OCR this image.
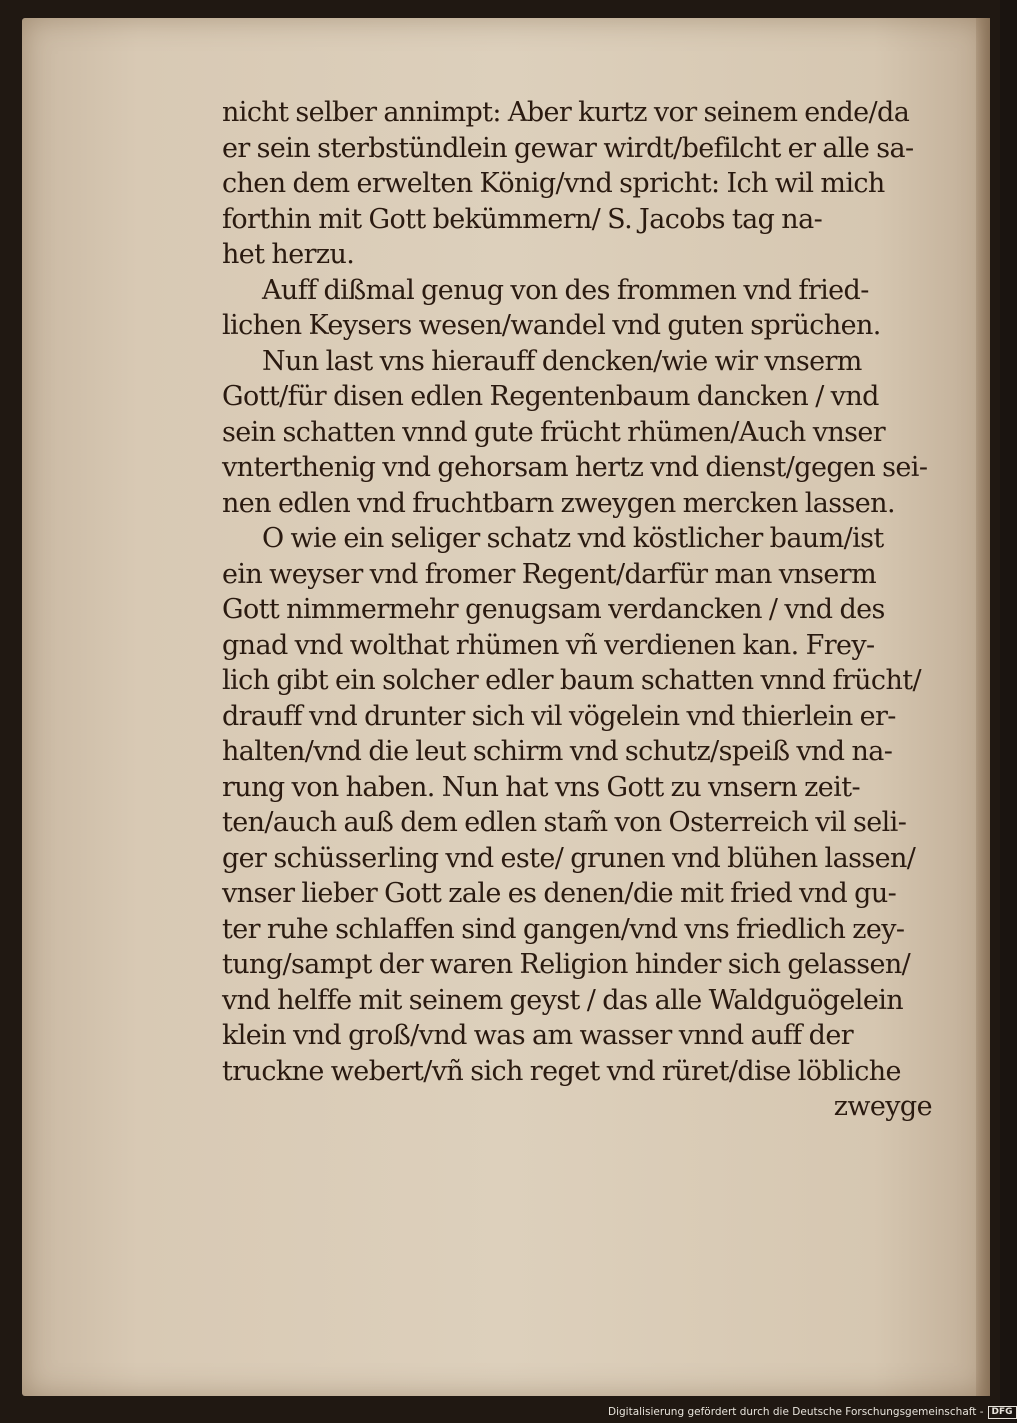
nicht selber annimpt: Aber kurtz vor seinem ende/da
er sein sterbstündlein gewar wirdt/befilcht er alle sa-
chen dem erwelten König/vnd spricht: Ich wil mich
forthin mit Gott bekümmern/ S. Jacobs tag na-
het herzu.
Auff dißmal genug von des frommen vnd fried-
lichen Keysers wesen/wandel vnd guten sprüchen.
Nun last vns hierauff dencken/wie wir vnserm
Gott/für disen edlen Regentenbaum dancken / vnd
sein schatten vnnd gute frücht rhümen/Auch vnser
vnterthenig vnd gehorsam hertz vnd dienst/gegen sei-
nen edlen vnd fruchtbarn zweygen mercken lassen.
O wie ein seliger schatz vnd köstlicher baum/ist
ein weyser vnd fromer Regent/darfür man vnserm
Gott nimmermehr genugsam verdancken / vnd des
gnad vnd wolthat rhümen vñ verdienen kan. Frey-
lich gibt ein solcher edler baum schatten vnnd frücht/
drauff vnd drunter sich vil vögelein vnd thierlein er-
halten/vnd die leut schirm vnd schutz/speiß vnd na-
rung von haben. Nun hat vns Gott zu vnsern zeit-
ten/auch auß dem edlen stam̃ von Osterreich vil seli-
ger schüsserling vnd este/ grunen vnd blühen lassen/
vnser lieber Gott zale es denen/die mit fried vnd gu-
ter ruhe schlaffen sind gangen/vnd vns friedlich zey-
tung/sampt der waren Religion hinder sich gelassen/
vnd helffe mit seinem geyst / das alle Waldguögelein
klein vnd groß/vnd was am wasser vnnd auff der
truckne webert/vñ sich reget vnd rüret/dise löbliche
zweyge
Digitalisierung gefördert durch die Deutsche Forschungsgemeinschaft - DFG
